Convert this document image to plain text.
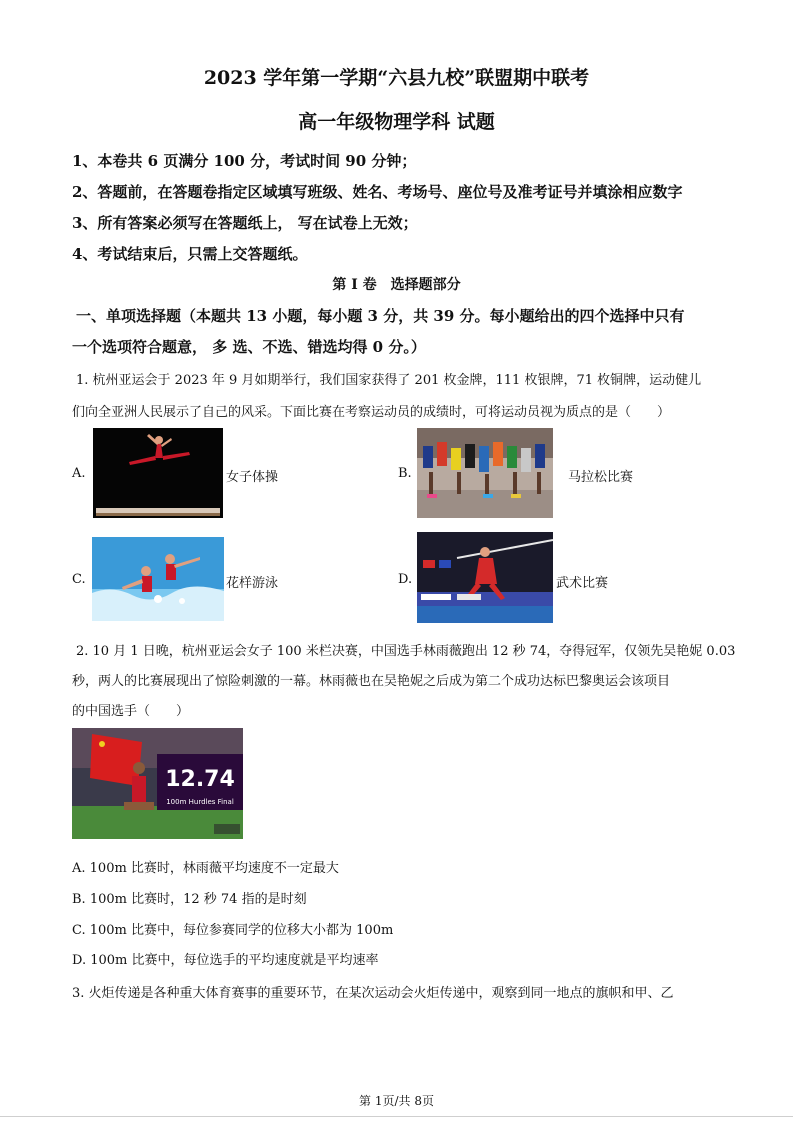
2023 学年第一学期“六县九校”联盟期中联考
高一年级物理学科 试题
1、本卷共 6 页满分 100 分，考试时间 90 分钟；
2、答题前，在答题卷指定区域填写班级、姓名、考场号、座位号及准考证号并填涂相应数字
3、所有答案必须写在答题纸上， 写在试卷上无效；
4、考试结束后，只需上交答题纸。
第 I 卷　选择题部分
一、单项选择题（本题共 13 小题，每小题 3 分，共 39 分。每小题给出的四个选择中只有
一个选项符合题意， 多 选、不选、错选均得 0 分。）
1. 杭州亚运会于 2023 年 9 月如期举行，我们国家获得了 201 枚金牌，111 枚银牌，71 枚铜牌，运动健儿
们向全亚洲人民展示了自己的风采。下面比赛在考察运动员的成绩时，可将运动员视为质点的是（　　）
A.	女子体操	B.	马拉松比赛
C.	花样游泳	D.	武术比赛
2. 10 月 1 日晚，杭州亚运会女子 100 米栏决赛，中国选手林雨薇跑出 12 秒 74，夺得冠军，仅领先吴艳妮 0.03
秒，两人的比赛展现出了惊险刺激的一幕。林雨薇也在吴艳妮之后成为第二个成功达标巴黎奥运会该项目
的中国选手（　　）
12.74
100m Hurdles Final
A. 100m 比赛时，林雨薇平均速度不一定最大
B. 100m 比赛时，12 秒 74 指的是时刻
C. 100m 比赛中，每位参赛同学的位移大小都为 100m
D. 100m 比赛中，每位选手的平均速度就是平均速率
3. 火炬传递是各种重大体育赛事的重要环节，在某次运动会火炬传递中，观察到同一地点的旗帜和甲、乙
第 1页/共 8页
